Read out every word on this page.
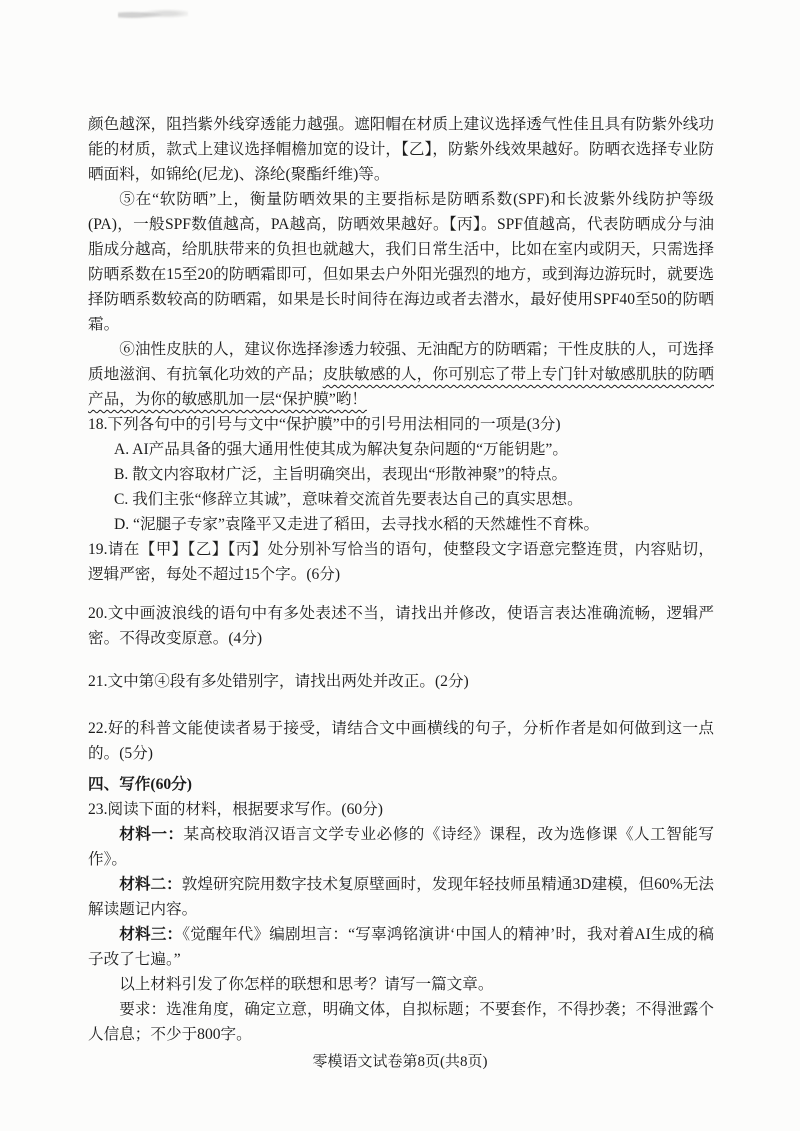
颜色越深，阻挡紫外线穿透能力越强。遮阳帽在材质上建议选择透气性佳且具有防紫外线功能的材质，款式上建议选择帽檐加宽的设计，【乙】，防紫外线效果越好。防晒衣选择专业防晒面料，如锦纶(尼龙)、涤纶(聚酯纤维)等。

⑤在“软防晒”上，衡量防晒效果的主要指标是防晒系数(SPF)和长波紫外线防护等级(PA)，一般SPF数值越高，PA越高，防晒效果越好。【丙】。SPF值越高，代表防晒成分与油脂成分越高，给肌肤带来的负担也就越大，我们日常生活中，比如在室内或阴天，只需选择防晒系数在15至20的防晒霜即可，但如果去户外阳光强烈的地方，或到海边游玩时，就要选择防晒系数较高的防晒霜，如果是长时间待在海边或者去潜水，最好使用SPF40至50的防晒霜。

⑥油性皮肤的人，建议你选择渗透力较强、无油配方的防晒霜；干性皮肤的人，可选择质地滋润、有抗氧化功效的产品；皮肤敏感的人，你可别忘了带上专门针对敏感肌肤的防晒产品，为你的敏感肌加一层“保护膜”哟！

18.下列各句中的引号与文中“保护膜”中的引号用法相同的一项是(3分)

A. AI产品具备的强大通用性使其成为解决复杂问题的“万能钥匙”。

B. 散文内容取材广泛，主旨明确突出，表现出“形散神聚”的特点。

C. 我们主张“修辞立其诚”，意味着交流首先要表达自己的真实思想。

D. “泥腿子专家”袁隆平又走进了稻田，去寻找水稻的天然雄性不育株。

19.请在【甲】【乙】【丙】处分别补写恰当的语句，使整段文字语意完整连贯，内容贴切，逻辑严密，每处不超过15个字。(6分)

20.文中画波浪线的语句中有多处表述不当，请找出并修改，使语言表达准确流畅，逻辑严密。不得改变原意。(4分)

21.文中第④段有多处错别字，请找出两处并改正。(2分)

22.好的科普文能使读者易于接受，请结合文中画横线的句子，分析作者是如何做到这一点的。(5分)

四、写作(60分)

23.阅读下面的材料，根据要求写作。(60分)

材料一：某高校取消汉语言文学专业必修的《诗经》课程，改为选修课《人工智能写作》。

材料二：敦煌研究院用数字技术复原壁画时，发现年轻技师虽精通3D建模，但60%无法解读题记内容。

材料三：《觉醒年代》编剧坦言：“写辜鸿铭演讲‘中国人的精神’时，我对着AI生成的稿子改了七遍。”

以上材料引发了你怎样的联想和思考？请写一篇文章。

要求：选准角度，确定立意，明确文体，自拟标题；不要套作，不得抄袭；不得泄露个人信息；不少于800字。

零模语文试卷第8页(共8页)
